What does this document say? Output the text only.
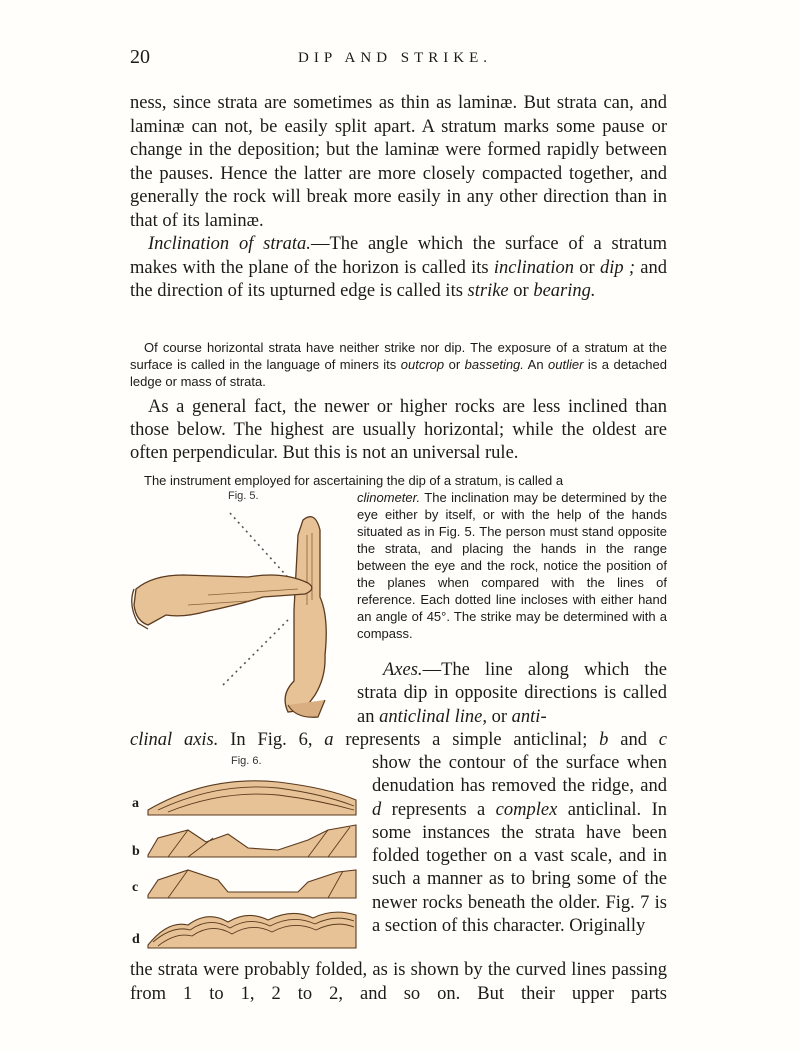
20	DIP AND STRIKE.

ness, since strata are sometimes as thin as laminæ. But strata can, and laminæ can not, be easily split apart. A stratum marks some pause or change in the deposition; but the laminæ were formed rapidly between the pauses. Hence the latter are more closely compacted together, and generally the rock will break more easily in any other direction than in that of its laminæ.

Inclination of strata.—The angle which the surface of a stratum makes with the plane of the horizon is called its inclination or dip ; and the direction of its upturned edge is called its strike or bearing.

Of course horizontal strata have neither strike nor dip. The exposure of a stratum at the surface is called in the language of miners its outcrop or basseting. An outlier is a detached ledge or mass of strata.

As a general fact, the newer or higher rocks are less inclined than those below. The highest are usually horizontal; while the oldest are often perpendicular. But this is not an universal rule.

The instrument employed for ascertaining the dip of a stratum, is called a

clinometer. The inclination may be determined by the eye either by itself, or with the help of the hands situated as in Fig. 5. The person must stand opposite the strata, and placing the hands in the range between the eye and the rock, notice the position of the planes when compared with the lines of reference. Each dotted line incloses with either hand an angle of 45°. The strike may be determined with a compass.

Fig. 5.

Axes.—The line along which the strata dip in opposite directions is called an anticlinal line, or anti-

clinal axis. In Fig. 6, a represents a simple anticlinal; b and c

show the contour of the surface when denudation has removed the ridge, and d represents a complex anticlinal. In some instances the strata have been folded together on a vast scale, and in such a manner as to bring some of the newer rocks beneath the older. Fig. 7 is a section of this character. Originally

Fig. 6.
a
b
c
d

the strata were probably folded, as is shown by the curved lines passing from 1 to 1, 2 to 2, and so on. But their upper parts
